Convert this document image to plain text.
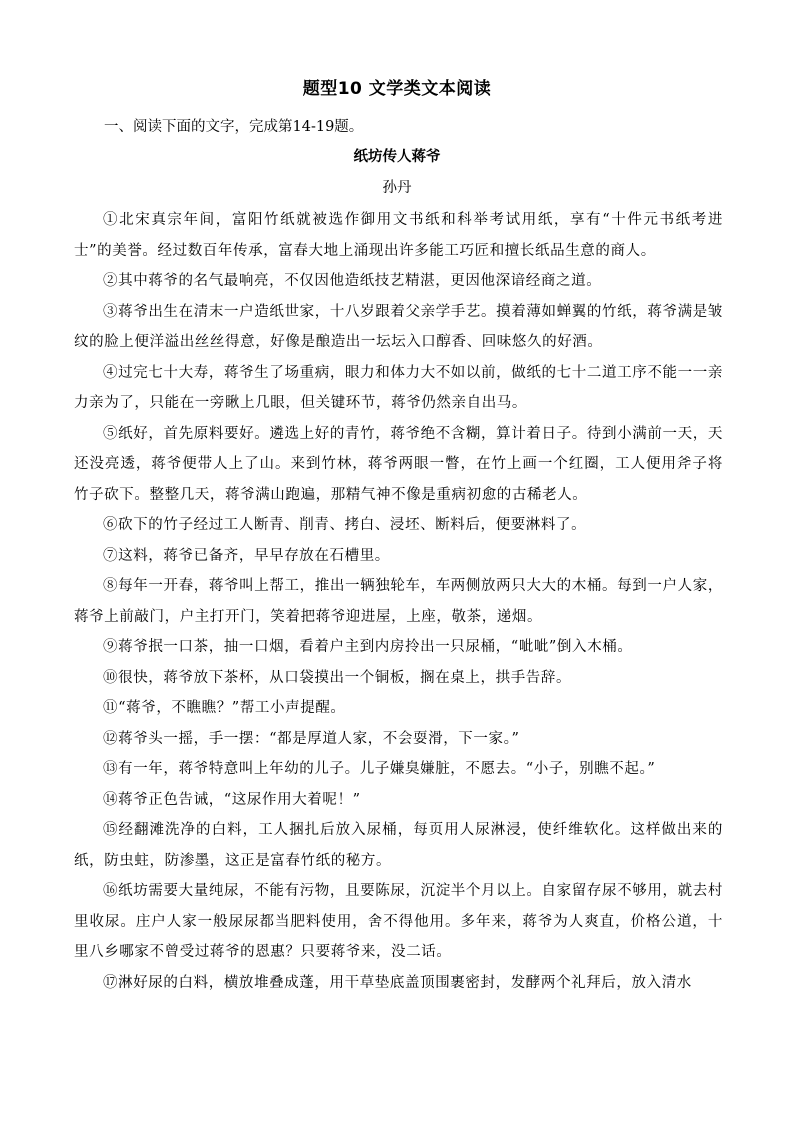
题型10 文学类文本阅读
一、阅读下面的文字，完成第14-19题。
纸坊传人蒋爷
孙丹

①北宋真宗年间，富阳竹纸就被选作御用文书纸和科举考试用纸，享有“十件元书纸考进士”的美誉。经过数百年传承，富春大地上涌现出许多能工巧匠和擅长纸品生意的商人。

②其中蒋爷的名气最响亮，不仅因他造纸技艺精湛，更因他深谙经商之道。

③蒋爷出生在清末一户造纸世家，十八岁跟着父亲学手艺。摸着薄如蝉翼的竹纸，蒋爷满是皱纹的脸上便洋溢出丝丝得意，好像是酿造出一坛坛入口醇香、回味悠久的好酒。

④过完七十大寿，蒋爷生了场重病，眼力和体力大不如以前，做纸的七十二道工序不能一一亲力亲为了，只能在一旁瞅上几眼，但关键环节，蒋爷仍然亲自出马。

⑤纸好，首先原料要好。遴选上好的青竹，蒋爷绝不含糊，算计着日子。待到小满前一天，天还没亮透，蒋爷便带人上了山。来到竹林，蒋爷两眼一瞥，在竹上画一个红圈，工人便用斧子将竹子砍下。整整几天，蒋爷满山跑遍，那精气神不像是重病初愈的古稀老人。

⑥砍下的竹子经过工人断青、削青、拷白、浸坯、断料后，便要淋料了。

⑦这料，蒋爷已备齐，早早存放在石槽里。

⑧每年一开春，蒋爷叫上帮工，推出一辆独轮车，车两侧放两只大大的木桶。每到一户人家，蒋爷上前敲门，户主打开门，笑着把蒋爷迎进屋，上座，敬茶，递烟。

⑨蒋爷抿一口茶，抽一口烟，看着户主到内房拎出一只尿桶，“呲呲”倒入木桶。

⑩很快，蒋爷放下茶杯，从口袋摸出一个铜板，搁在桌上，拱手告辞。

⑪“蒋爷，不瞧瞧？”帮工小声提醒。

⑫蒋爷头一摇，手一摆：“都是厚道人家，不会耍滑，下一家。”

⑬有一年，蒋爷特意叫上年幼的儿子。儿子嫌臭嫌脏，不愿去。“小子，别瞧不起。”

⑭蒋爷正色告诫，“这尿作用大着呢！”

⑮经翻滩洗净的白料，工人捆扎后放入尿桶，每页用人尿淋浸，使纤维软化。这样做出来的纸，防虫蛀，防渗墨，这正是富春竹纸的秘方。

⑯纸坊需要大量纯尿，不能有污物，且要陈尿，沉淀半个月以上。自家留存尿不够用，就去村里收尿。庄户人家一般尿尿都当肥料使用，舍不得他用。多年来，蒋爷为人爽直，价格公道，十里八乡哪家不曾受过蒋爷的恩惠？只要蒋爷来，没二话。

⑰淋好尿的白料，横放堆叠成蓬，用干草垫底盖顶围裹密封，发酵两个礼拜后，放入清水
